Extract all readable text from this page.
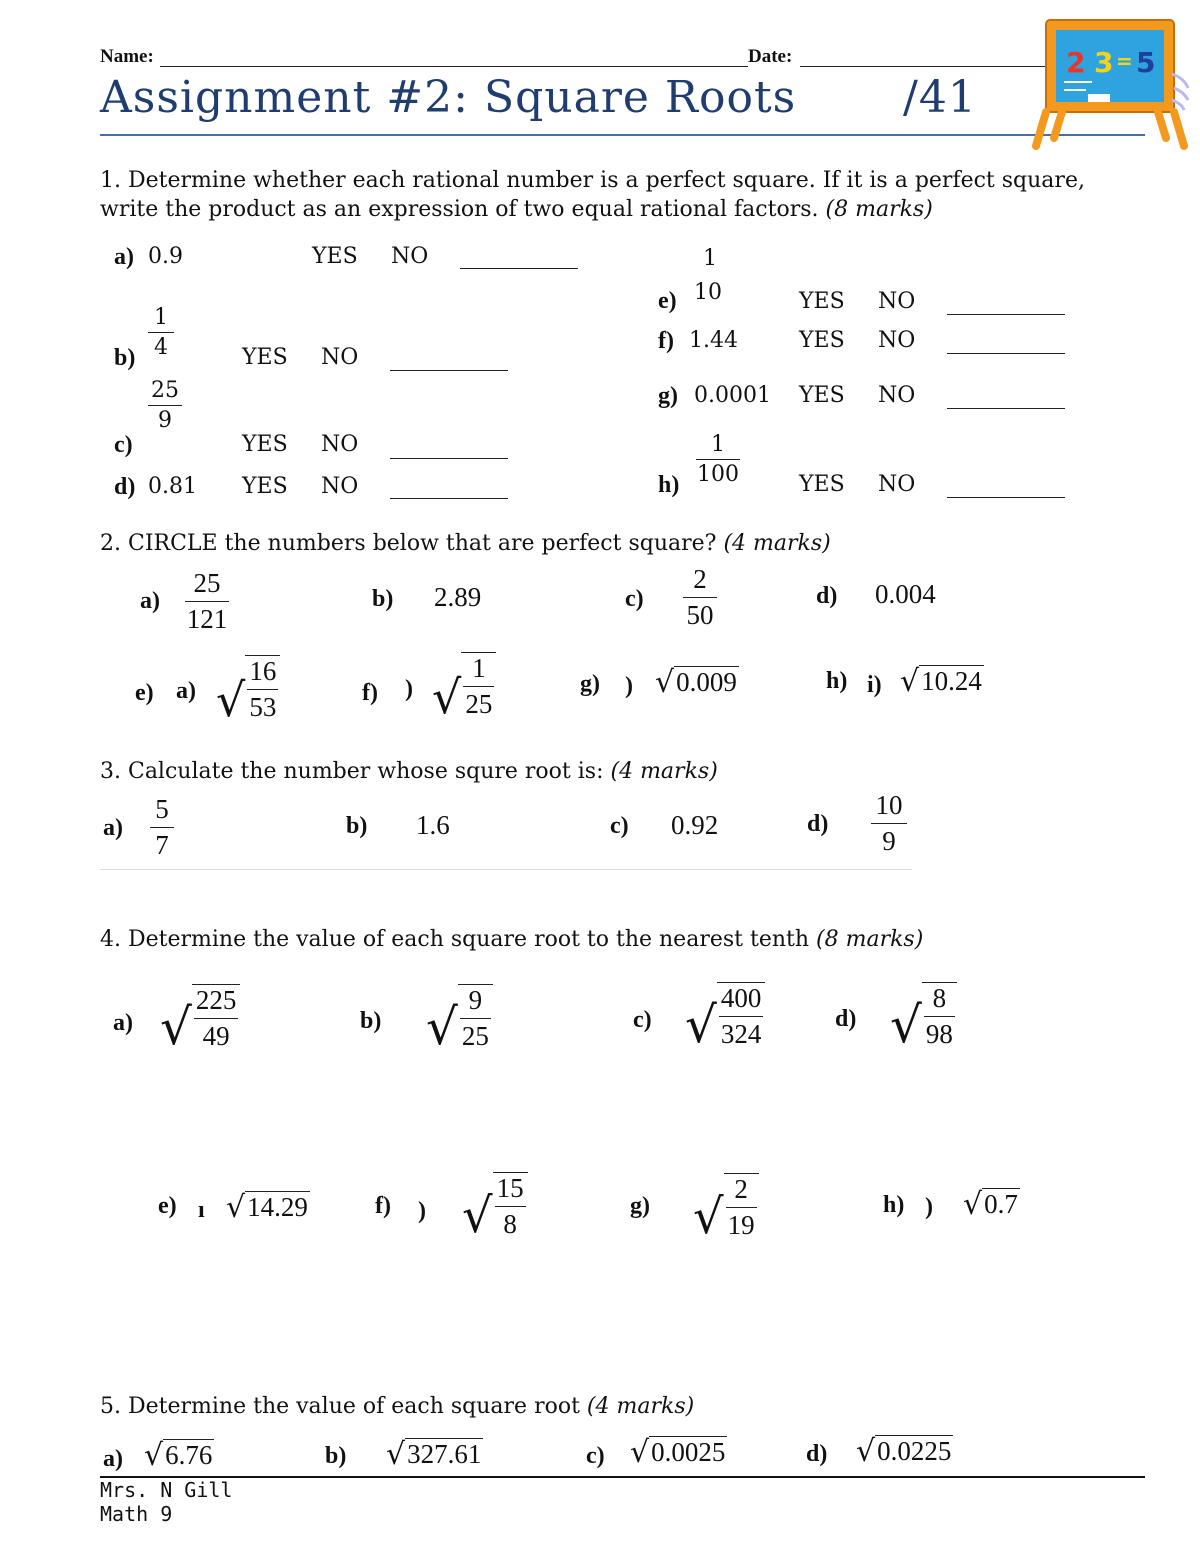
Name:	Date:
Assignment #2: Square Roots /41
2 3 = 5
1. Determine whether each rational number is a perfect square. If it is a perfect square, write the product as an expression of two equal rational factors. (8 marks)
a) 0.9	YES NO
1
4
b)	YES NO
25
9
c)	YES NO
d) 0.81 YES NO
1
10
e)	YES NO
f) 1.44	YES NO
g) 0.0001 YES NO
1
100
h)	YES NO
2. CIRCLE the numbers below that are perfect square? (4 marks)
a)
25
121
b) 2.89	c)
2
50
d) 0.004
e) a) √
16
53	f) ) √
1
25
g) ) √ 0.009	h) i) √ 10.24
3. Calculate the number whose squre root is: (4 marks)
a)
5
7
b) 1.6	c) 0.92	d)
10
9
4. Determine the value of each square root to the nearest tenth (8 marks)
a) √ 225
49	b) √ 9
25
c) √ 400
324	d) √ 8
98
e) ı √ 14.29	f) ) √ 15
8
g) √ 2
19
h) ) √ 0.7
5. Determine the value of each square root (4 marks)
a) √ 6.76	b) √ 327.61	c) √ 0.0025	d) √ 0.0225
Mrs. N Gill
Math 9
